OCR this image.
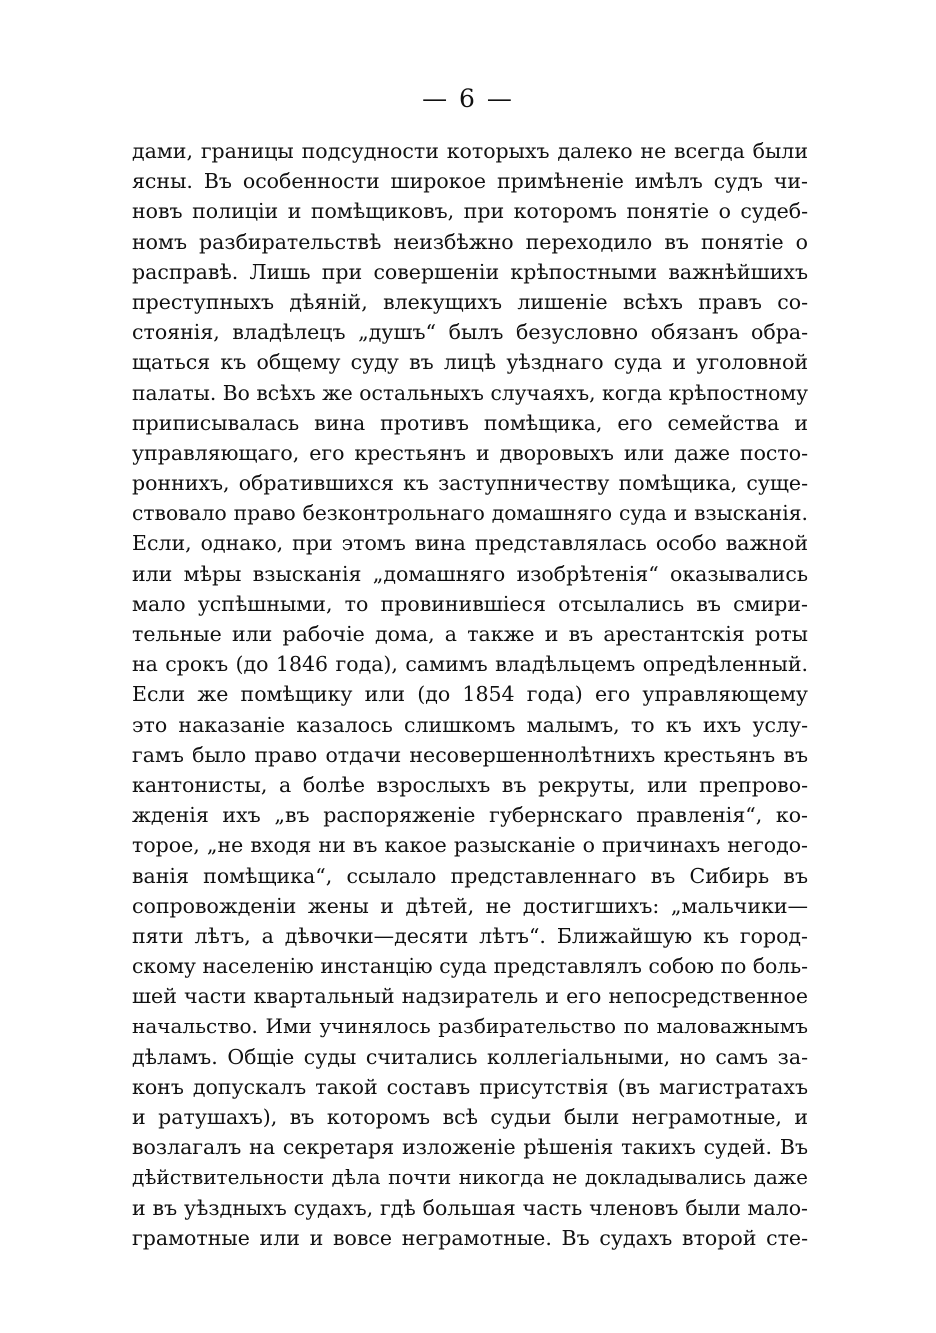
— 6 —
дами, границы подсудности которыхъ далеко не всегда были
ясны. Въ особенности широкое примѣненіе имѣлъ судъ чи-
новъ полиціи и помѣщиковъ, при которомъ понятіе о судеб-
номъ разбирательствѣ неизбѣжно переходило въ понятіе о
расправѣ. Лишь при совершеніи крѣпостными важнѣйшихъ
преступныхъ дѣяній, влекущихъ лишеніе всѣхъ правъ со-
стоянія, владѣлецъ „душъ“ былъ безусловно обязанъ обра-
щаться къ общему суду въ лицѣ уѣзднаго суда и уголовной
палаты. Во всѣхъ же остальныхъ случаяхъ, когда крѣпостному
приписывалась вина противъ помѣщика, его семейства и
управляющаго, его крестьянъ и дворовыхъ или даже посто-
роннихъ, обратившихся къ заступничеству помѣщика, суще-
ствовало право безконтрольнаго домашняго суда и взысканія.
Если, однако, при этомъ вина представлялась особо важной
или мѣры взысканія „домашняго изобрѣтенія“ оказывались
мало успѣшными, то провинившіеся отсылались въ смири-
тельные или рабочіе дома, а также и въ арестантскія роты
на срокъ (до 1846 года), самимъ владѣльцемъ опредѣленный.
Если же помѣщику или (до 1854 года) его управляющему
это наказаніе казалось слишкомъ малымъ, то къ ихъ услу-
гамъ было право отдачи несовершеннолѣтнихъ крестьянъ въ
кантонисты, а болѣе взрослыхъ въ рекруты, или препрово-
жденія ихъ „въ распоряженіе губернскаго правленія“, ко-
торое, „не входя ни въ какое разысканіе о причинахъ негодо-
ванія помѣщика“, ссылало представленнаго въ Сибирь въ
сопровожденіи жены и дѣтей, не достигшихъ: „мальчики—
пяти лѣтъ, а дѣвочки—десяти лѣтъ“. Ближайшую къ город-
скому населенію инстанцію суда представлялъ собою по боль-
шей части квартальный надзиратель и его непосредственное
начальство. Ими учинялось разбирательство по маловажнымъ
дѣламъ. Общіе суды считались коллегіальными, но самъ за-
конъ допускалъ такой составъ присутствія (въ магистратахъ
и ратушахъ), въ которомъ всѣ судьи были неграмотные, и
возлагалъ на секретаря изложеніе рѣшенія такихъ судей. Въ
дѣйствительности дѣла почти никогда не докладывались даже
и въ уѣздныхъ судахъ, гдѣ большая часть членовъ были мало-
грамотные или и вовсе неграмотные. Въ судахъ второй сте-
